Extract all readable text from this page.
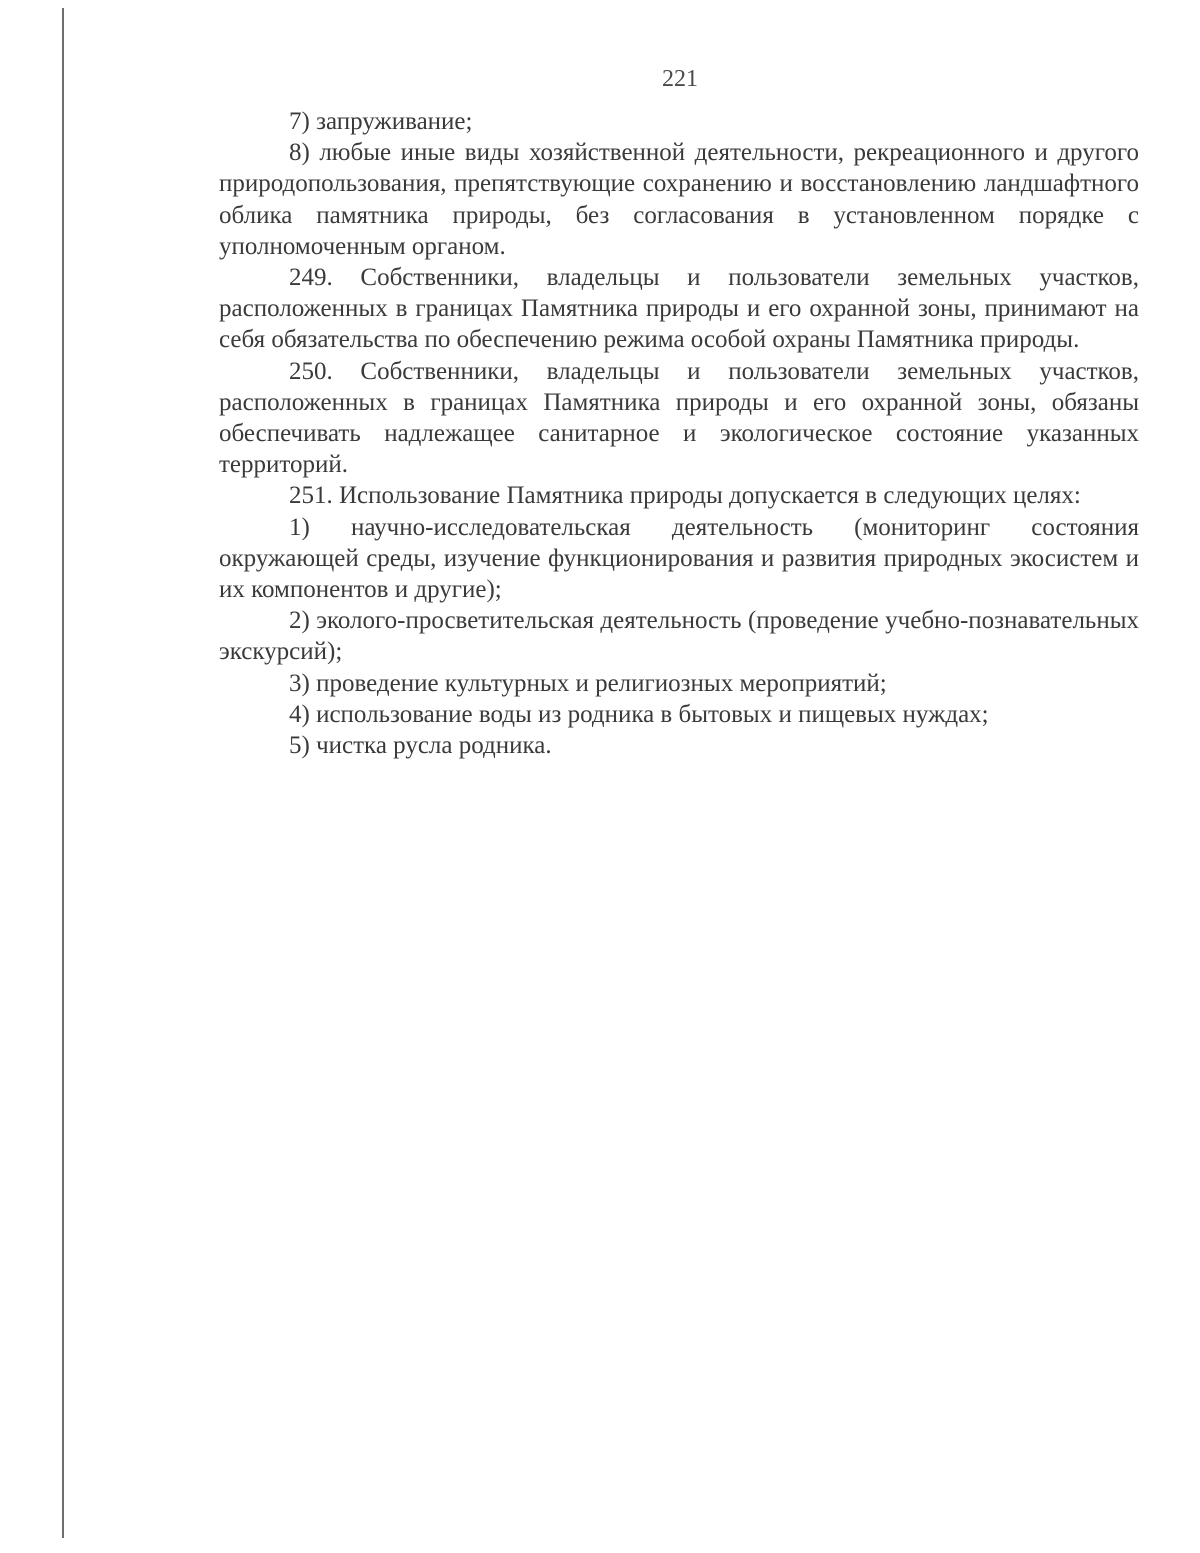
221

7) запруживание;

8) любые иные виды хозяйственной деятельности, рекреационного и другого природопользования, препятствующие сохранению и восстановлению ландшафтного облика памятника природы, без согласования в установленном порядке с уполномоченным органом.

249. Собственники, владельцы и пользователи земельных участков, расположенных в границах Памятника природы и его охранной зоны, принимают на себя обязательства по обеспечению режима особой охраны Памятника природы.

250. Собственники, владельцы и пользователи земельных участков, расположенных в границах Памятника природы и его охранной зоны, обязаны обеспечивать надлежащее санитарное и экологическое состояние указанных территорий.

251. Использование Памятника природы допускается в следующих целях:

1) научно-исследовательская деятельность (мониторинг состояния окружающей среды, изучение функционирования и развития природных экосистем и их компонентов и другие);

2) эколого-просветительская деятельность (проведение учебно-познавательных экскурсий);

3) проведение культурных и религиозных мероприятий;

4) использование воды из родника в бытовых и пищевых нуждах;

5) чистка русла родника.
